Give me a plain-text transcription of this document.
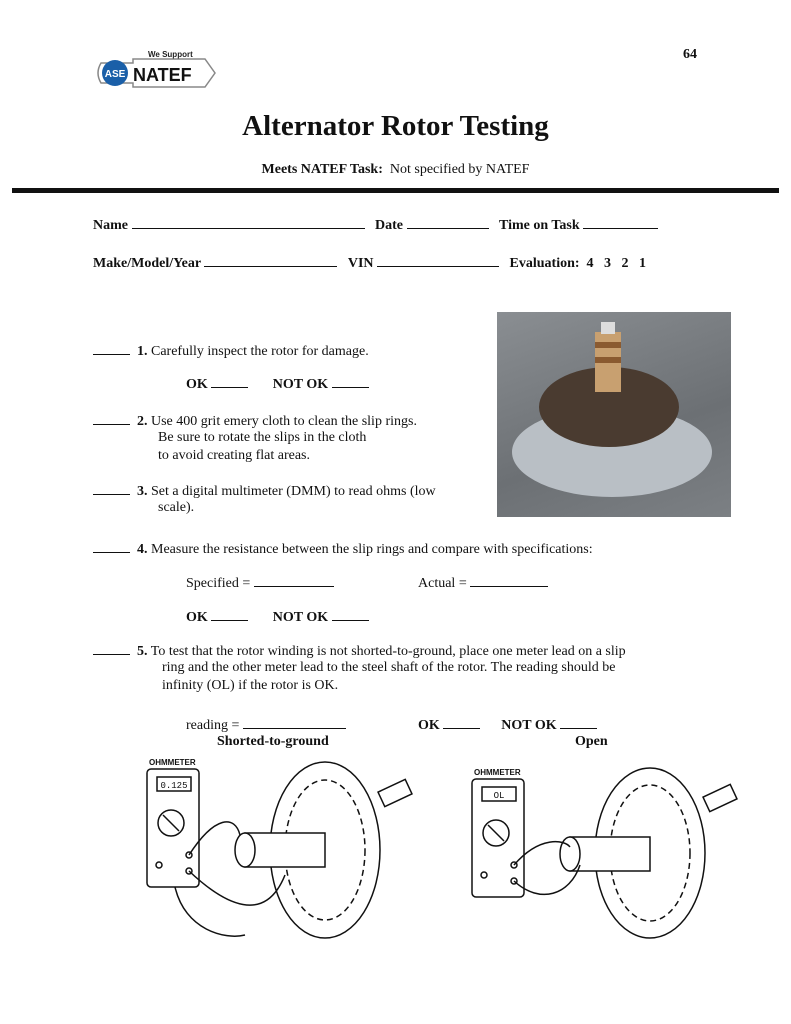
64
ASE
We Support
NATEF
Alternator Rotor Testing
Meets NATEF Task: Not specified by NATEF
Name	Date	Time on Task
Make/Model/Year	VIN	Evaluation: 4 3 2 1
1. Carefully inspect the rotor for damage.
OK	NOT OK
2. Use 400 grit emery cloth to clean the slip rings.
Be sure to rotate the slips in the cloth
to avoid creating flat areas.
3. Set a digital multimeter (DMM) to read ohms (low
scale).
4. Measure the resistance between the slip rings and compare with specifications:
Specified =	Actual =
OK	NOT OK
5. To test that the rotor winding is not shorted-to-ground, place one meter lead on a slip
ring and the other meter lead to the steel shaft of the rotor. The reading should be
infinity (OL) if the rotor is OK.
reading =	OK	NOT OK
Shorted-to-ground	Open
OHMMETER
0.125
OHMMETER
OL
